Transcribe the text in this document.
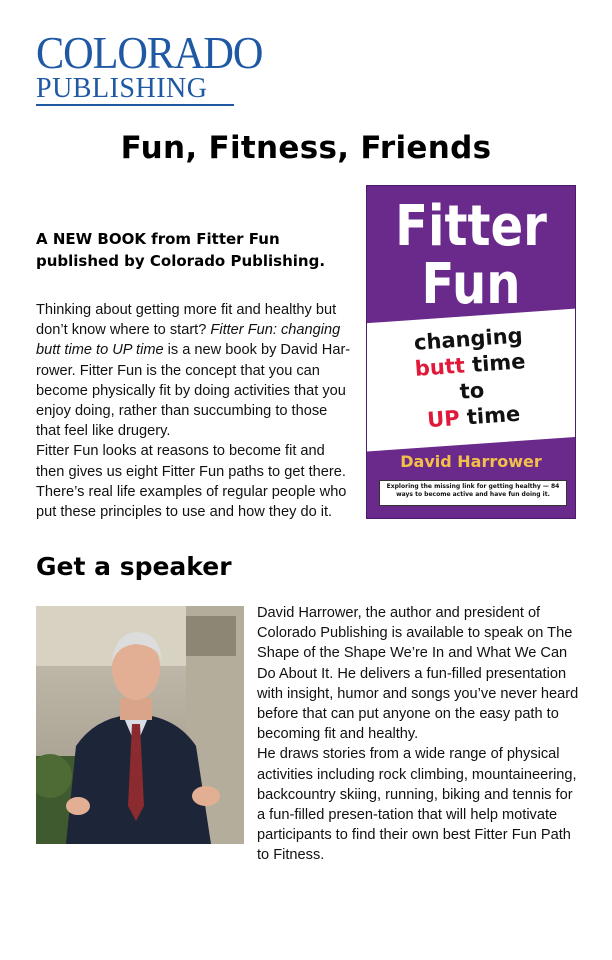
COLORADO
PUBLISHING
Fun, Fitness, Friends
A NEW BOOK from Fitter Fun
published by Colorado Publishing.

Thinking about getting more fit and healthy but don’t know where to start? Fitter Fun: changing butt time to UP time is a new book by David Har-rower. Fitter Fun is the concept that you can become physically fit by doing activities that you enjoy doing, rather than succumbing to those that feel like drugery.

Fitter Fun looks at reasons to become fit and then gives us eight Fitter Fun paths to get there. There’s real life examples of regular people who put these principles to use and how they do it.

Fitter
Fun
changing
butt time
to
UP time
David Harrower
Exploring the missing link for getting healthy — 84 ways to become active and have fun doing it.
Get a speaker

David Harrower, the author and president of Colorado Publishing is available to speak on The Shape of the Shape We’re In and What We Can Do About It. He delivers a fun-filled presentation with insight, humor and songs you’ve never heard before that can put anyone on the easy path to becoming fit and healthy.

He draws stories from a wide range of physical activities including rock climbing, mountaineering, backcountry skiing, running, biking and tennis for a fun-filled presen-tation that will help motivate participants to find their own best Fitter Fun Path to Fitness.
